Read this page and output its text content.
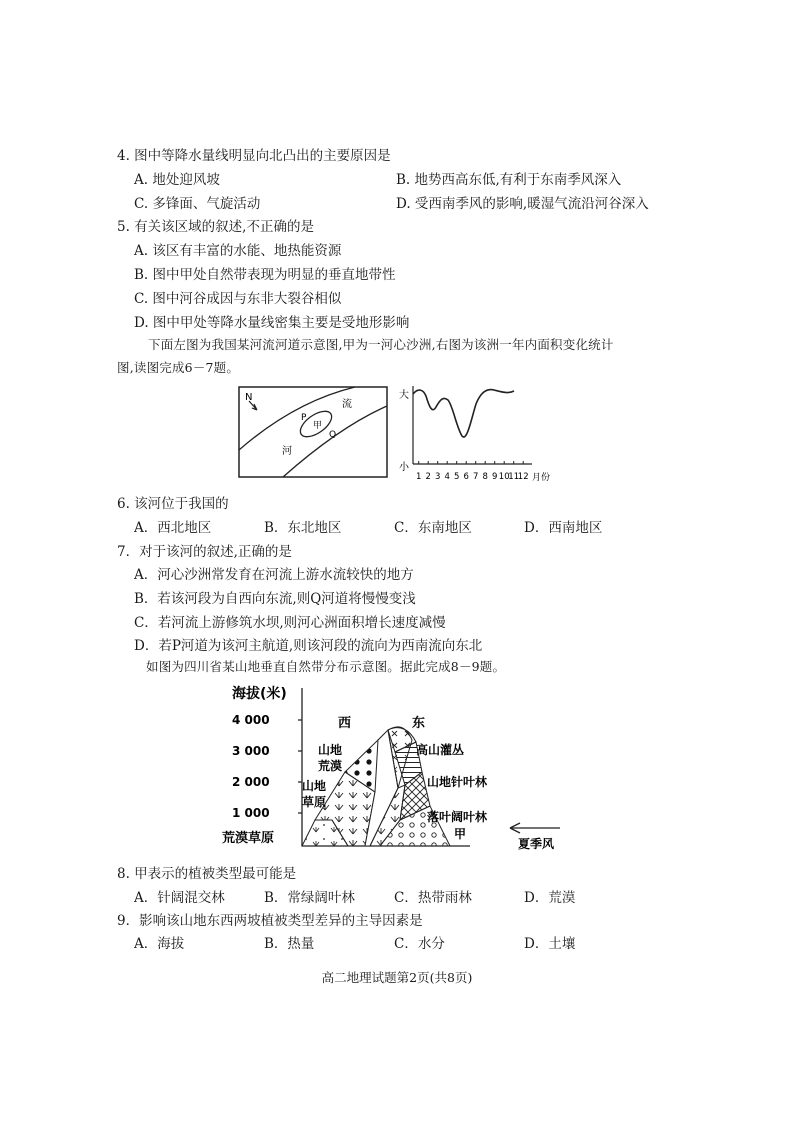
4. 图中等降水量线明显向北凸出的主要原因是
A. 地处迎风坡	B. 地势西高东低,有利于东南季风深入
C. 多锋面、气旋活动	D. 受西南季风的影响,暖湿气流沿河谷深入
5. 有关该区域的叙述,不正确的是
A. 该区有丰富的水能、地热能资源
B. 图中甲处自然带表现为明显的垂直地带性
C. 图中河谷成因与东非大裂谷相似
D. 图中甲处等降水量线密集主要是受地形影响
下面左图为我国某河流河道示意图,甲为一河心沙洲,右图为该洲一年内面积变化统计
图,读图完成6－7题。
N
P
甲
Q
流
河
大
小
1 2 3 4 5 6 7 8 9 10
11
12 月份
6. 该河位于我国的
A．西北地区	B．东北地区	C．东南地区	D．西南地区
7．对于该河的叙述,正确的是
A．河心沙洲常发育在河流上游水流较快的地方
B．若该河段为自西向东流,则Q河道将慢慢变浅
C．若河流上游修筑水坝,则河心洲面积增长速度减慢
D．若P河道为该河主航道,则该河段的流向为西南流向东北
如图为四川省某山地垂直自然带分布示意图。据此完成8－9题。
海拔(米)
4 000
3 000
2 000
1 000
西	东
山地
荒漠
山地
草原
荒漠草原
高山灌丛
山地针叶林
落叶阔叶林
甲
夏季风
8. 甲表示的植被类型最可能是
A．针阔混交林	B．常绿阔叶林	C．热带雨林	D．荒漠
9．影响该山地东西两坡植被类型差异的主导因素是
A．海拔	B．热量	C．水分	D．土壤
高二地理试题第2页(共8页)
